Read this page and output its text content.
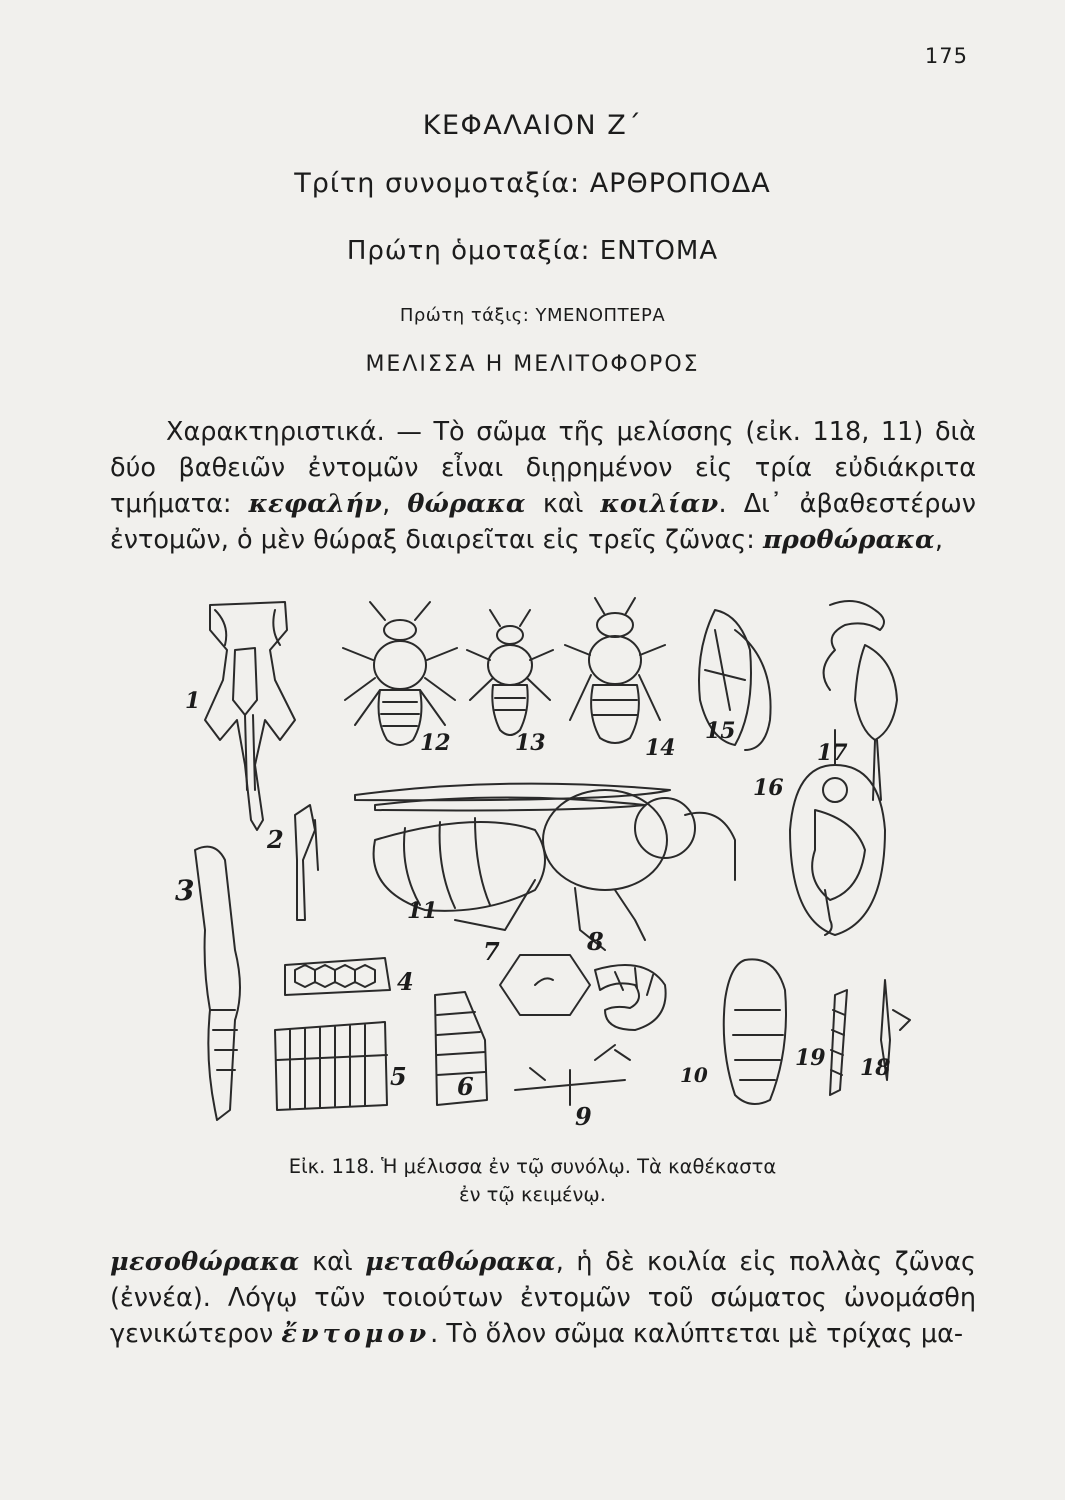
175
ΚΕΦΑΛΑΙΟΝ Ζ΄
Τρίτη συνομοταξία: ΑΡΘΡΟΠΟΔΑ
Πρώτη ὁμοταξία: ΕΝΤΟΜΑ
Πρώτη τάξις: ΥΜΕΝΟΠΤΕΡΑ
ΜΕΛΙΣΣΑ Η ΜΕΛΙΤΟΦΟΡΟΣ
Χαρακτηριστικά. — Τὸ σῶμα τῆς μελίσσης (εἰκ. 118, 11) διὰ δύο βαθειῶν ἐντομῶν εἶναι διῃρημένον εἰς τρία εὐδιάκριτα τμήματα: κεφαλήν, θώρακα καὶ κοιλίαν. Δι᾽ ἀβαθεστέρων ἐντομῶν, ὁ μὲν θώραξ διαιρεῖται εἰς τρεῖς ζῶνας: προθώρακα,
1
2
3
4
5 6
7	8
9
10
11
12	13	14
15
16
17
18
19
Εἰκ. 118. Ἡ μέλισσα ἐν τῷ συνόλῳ. Τὰ καθέκαστα
ἐν τῷ κειμένῳ.
μεσοθώρακα καὶ μεταθώρακα, ἡ δὲ κοιλία εἰς πολλὰς ζῶνας (ἐννέα). Λόγῳ τῶν τοιούτων ἐντομῶν τοῦ σώματος ὠνομάσθη γενικώτερον ἔντομον. Τὸ ὅλον σῶμα καλύπτεται μὲ τρίχας μα-
